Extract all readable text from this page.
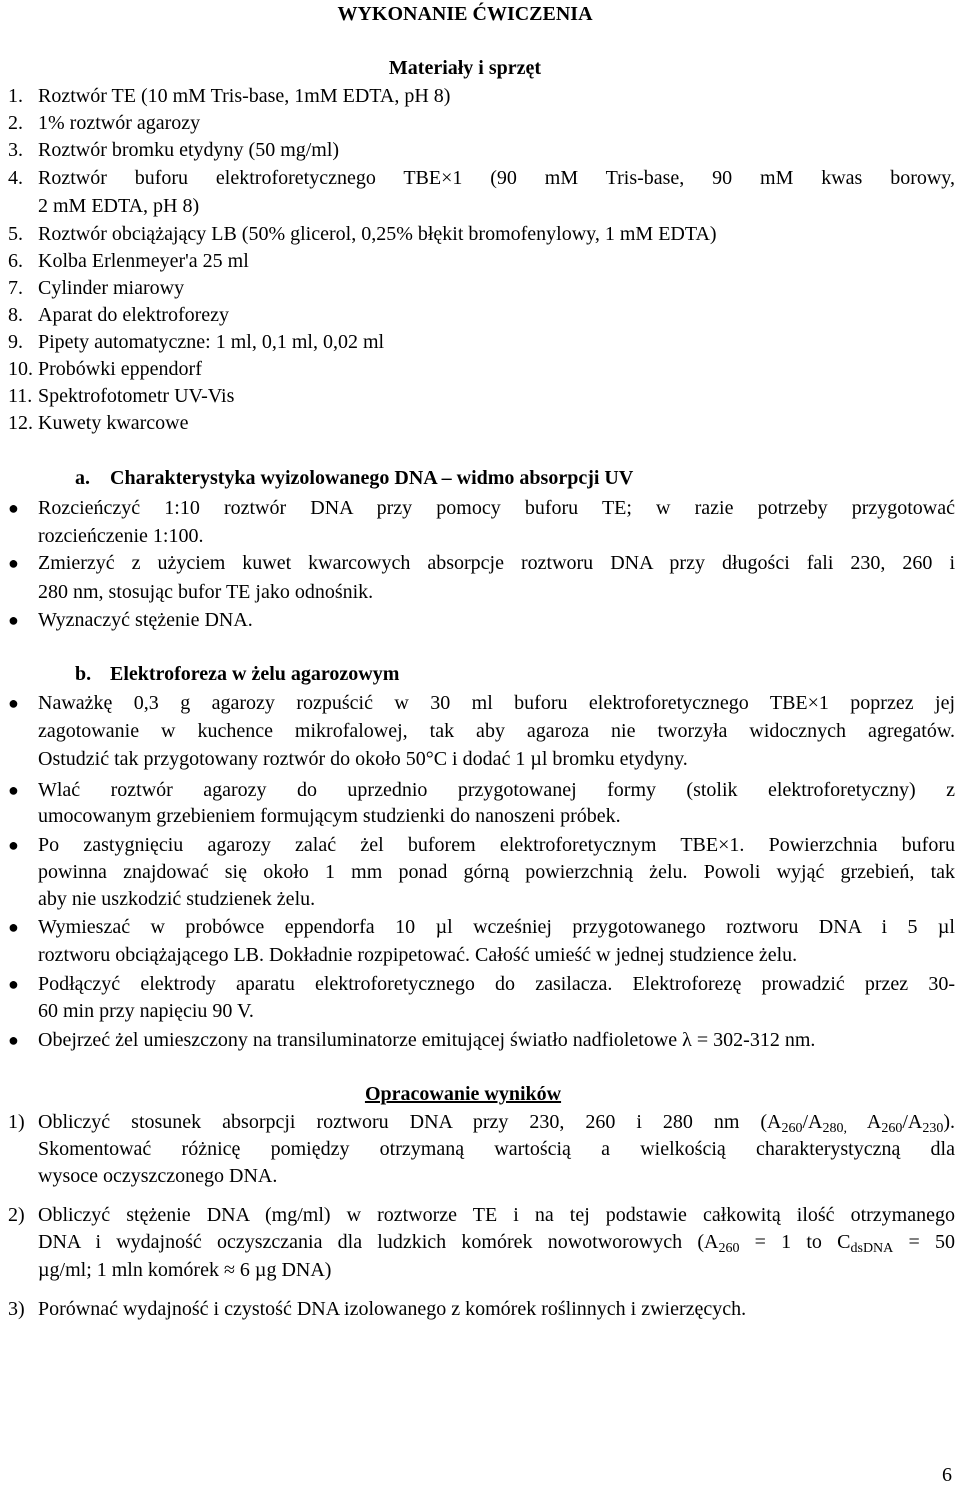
WYKONANIE ĆWICZENIA
Materiały i sprzęt
1. Roztwór TE (10 mM Tris-base, 1mM EDTA, pH 8)
2. 1% roztwór agarozy
3. Roztwór bromku etydyny (50 mg/ml)
4. Roztwór buforu elektroforetycznego TBE×1 (90 mM Tris-base, 90 mM kwas borowy,
2 mM EDTA, pH 8)
5. Roztwór obciążający LB (50% glicerol, 0,25% błękit bromofenylowy, 1 mM EDTA)
6. Kolba Erlenmeyer'a 25 ml
7. Cylinder miarowy
8. Aparat do elektroforezy
9. Pipety automatyczne: 1 ml, 0,1 ml, 0,02 ml
10. Probówki eppendorf
11. Spektrofotometr UV-Vis
12. Kuwety kwarcowe
a. Charakterystyka wyizolowanego DNA – widmo absorpcji UV
● Rozcieńczyć 1:10 roztwór DNA przy pomocy buforu TE; w razie potrzeby przygotować
rozcieńczenie 1:100.
● Zmierzyć z użyciem kuwet kwarcowych absorpcje roztworu DNA przy długości fali 230, 260 i
280 nm, stosując bufor TE jako odnośnik.
● Wyznaczyć stężenie DNA.
b. Elektroforeza w żelu agarozowym
● Naważkę 0,3 g agarozy rozpuścić w 30 ml buforu elektroforetycznego TBE×1 poprzez jej
zagotowanie w kuchence mikrofalowej, tak aby agaroza nie tworzyła widocznych agregatów.
Ostudzić tak przygotowany roztwór do około 50°C i dodać 1 µl bromku etydyny.
● Wlać roztwór agarozy do uprzednio przygotowanej formy (stolik elektroforetyczny) z
umocowanym grzebieniem formującym studzienki do nanoszeni próbek.
● Po zastygnięciu agarozy zalać żel buforem elektroforetycznym TBE×1. Powierzchnia buforu
powinna znajdować się około 1 mm ponad górną powierzchnią żelu. Powoli wyjąć grzebień, tak
aby nie uszkodzić studzienek żelu.
● Wymieszać w probówce eppendorfa 10 µl wcześniej przygotowanego roztworu DNA i 5 µl
roztworu obciążającego LB. Dokładnie rozpipetować. Całość umieść w jednej studzience żelu.
● Podłączyć elektrody aparatu elektroforetycznego do zasilacza. Elektroforezę prowadzić przez 30-
60 min przy napięciu 90 V.
● Obejrzeć żel umieszczony na transiluminatorze emitującej światło nadfioletowe λ = 302-312 nm.
Opracowanie wyników
1) Obliczyć stosunek absorpcji roztworu DNA przy 230, 260 i 280 nm ($A_{260}/A_{280,}$ $A_{260}/A_{230}$).
Skomentować różnicę pomiędzy otrzymaną wartością a wielkością charakterystyczną dla
wysoce oczyszczonego DNA.
2) Obliczyć stężenie DNA (mg/ml) w roztworze TE i na tej podstawie całkowitą ilość otrzymanego
DNA i wydajność oczyszczania dla ludzkich komórek nowotworowych ($A_{260} = 1$ to $C_{dsDNA} = 50$
µg/ml; 1 mln komórek ≈ 6 µg DNA)
3) Porównać wydajność i czystość DNA izolowanego z komórek roślinnych i zwierzęcych.
6
